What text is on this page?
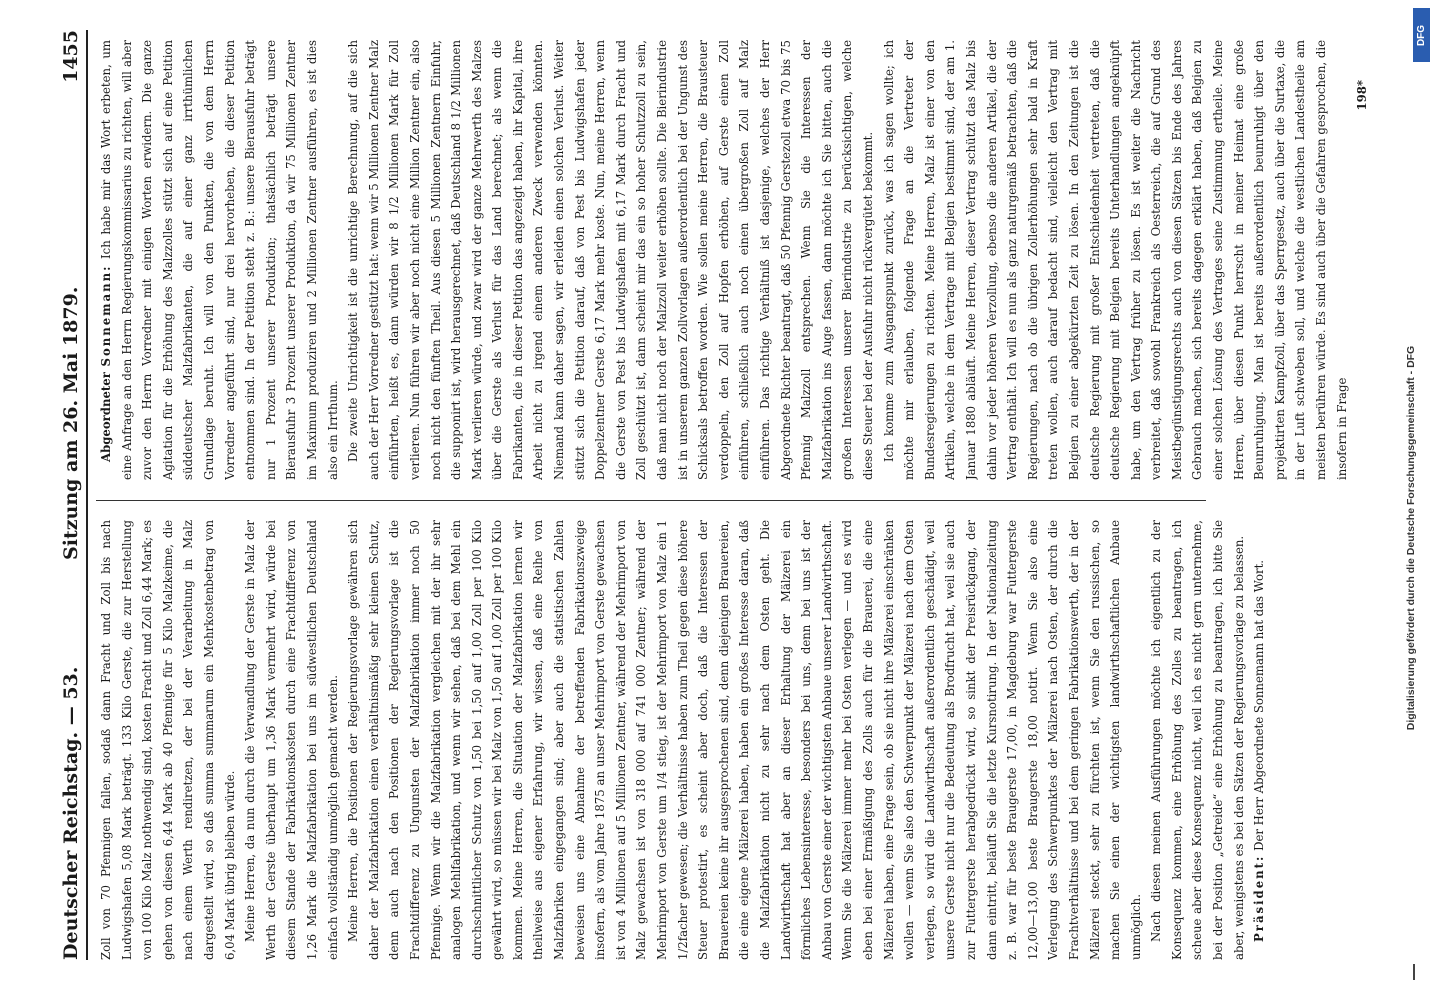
Deutscher Reichstag. — 53.
Sitzung am 26. Mai 1879.
1455

Zoll von 70 Pfennigen fallen, sodaß dann Fracht und Zoll bis nach Ludwigshafen 5,08 Mark beträgt. 133 Kilo Gerste, die zur Herstellung von 100 Kilo Malz nothwendig sind, kosten Fracht und Zoll 6,44 Mark; es gehen von diesen 6,44 Mark ab 40 Pfennige für 5 Kilo Malzkeime, die nach einem Werth rendiretzen, der bei der Verarbeitung in Malz dargestellt wird, so daß summa summarum ein Mehrkostenbetrag von 6,04 Mark übrig bleiben würde. Meine Herren, da nun durch die Verwandlung der Gerste in Malz der Werth der Gerste überhaupt um 1,36 Mark vermehrt wird, würde bei diesem Stande der Fabrikationskosten durch eine Frachtdifferenz von 1,26 Mark die Malzfabrikation bei uns im südwestlichen Deutschland einfach vollständig unmöglich gemacht werden. Meine Herren, die Positionen der Regierungsvorlage gewähren sich daher der Malzfabrikation einen verhältnismäßig sehr kleinen Schutz, denn auch nach den Positionen der Regierungsvorlage ist die Frachtdifferenz zu Ungunsten der Malzfabrikation immer noch 50 Pfennige. Wenn wir die Malzfabrikation vergleichen mit der ihr sehr analogen Mehlfabrikation, und wenn wir sehen, daß bei dem Mehl ein durchschnittlicher Schutz von 1,50 bei 1,50 auf 1,00 Zoll per 100 Kilo gewährt wird, so müssen wir bei Malz von 1,50 auf 1,00 Zoll per 100 Kilo kommen. Meine Herren, die Situation der Malzfabrikation lernen wir theilweise aus eigener Erfahrung, wir wissen, daß eine Reihe von Malzfabriken eingegangen sind; aber auch die statistischen Zahlen beweisen uns eine Abnahme der betreffenden Fabrikationszweige insofern, als vom Jahre 1875 an unser Mehrimport von Gerste gewachsen ist von 4 Millionen auf 5 Millionen Zentner, während der Mehrimport von Malz gewachsen ist von 318 000 auf 741 000 Zentner; während der Mehrimport von Gerste um 1/4 stieg, ist der Mehrimport von Malz ein 1 1/2facher gewesen; die Verhältnisse haben zum Theil gegen diese höhere Steuer protestirt, es scheint aber doch, daß die Interessen der Brauereien keine ihr ausgesprochenen sind, denn diejenigen Brauereien, die eine eigene Mälzerei haben, haben ein großes Interesse daran, daß die Malzfabrikation nicht zu sehr nach dem Osten geht. Die Landwirthschaft hat aber an dieser Erhaltung der Mälzerei ein förmliches Lebensinteresse, besonders bei uns, denn bei uns ist der Anbau von Gerste einer der wichtigsten Anbaue unserer Landwirthschaft. Wenn Sie die Mälzerei immer mehr bei Osten verlegen — und es wird eben bei einer Ermäßigung des Zolls auch für die Brauerei, die eine Mälzerei haben, eine Frage sein, ob sie nicht ihre Mälzerei einschränken wollen — wenn Sie also den Schwerpunkt der Mälzerei nach dem Osten verlegen, so wird die Landwirthschaft außerordentlich geschädigt, weil unsere Gerste nicht nur die Bedeutung als Brodfrucht hat, weil sie auch zur Futtergerste herabgedrückt wird, so sinkt der Preisrückgang, der dann eintritt, beläuft Sie die letzte Kursnotirung. In der Nationalzeitung z. B. war für beste Braugerste 17,00, in Magdeburg war Futtergerste 12,00—13,00 beste Braugerste 18,00 notirt. Wenn Sie also eine Verlegung des Schwerpunktes der Mälzerei nach Osten, der durch die Frachtverhältnisse und bei dem geringen Fabrikationswerth, der in der Mälzerei steckt, sehr zu fürchten ist, wenn Sie den russischen, so machen Sie einen der wichtigsten landwirthschaftlichen Anbaue unmöglich. Nach diesen meinen Ausführungen möchte ich eigentlich zu der Konsequenz kommen, eine Erhöhung des Zolles zu beantragen, ich scheue aber diese Konsequenz nicht, weil ich es nicht gern unternehme, bei der Position „Getreide“ eine Erhöhung zu beantragen, ich bitte Sie aber, wenigstens es bei den Sätzen der Regierungsvorlage zu belassen. Präsident: Der Herr Abgeordnete Sonnemann hat das Wort.

Abgeordneter Sonnemann: Ich habe mir das Wort erbeten, um eine Anfrage an den Herrn Regierungskommissarius zu richten, will aber zuvor den Herrn Vorredner mit einigen Worten erwidern. Die ganze Agitation für die Erhöhung des Malzzolles stützt sich auf eine Petition süddeutscher Malzfabrikanten, die auf einer ganz irrthümlichen Grundlage beruht. Ich will von den Punkten, die von dem Herrn Vorredner angeführt sind, nur drei hervorheben, die dieser Petition entnommen sind. In der Petition steht z. B.: unsere Bierausfuhr beträgt nur 1 Prozent unserer Produktion; thatsächlich beträgt unsere Bierausfuhr 3 Prozent unserer Produktion, da wir 75 Millionen Zentner im Maximum produziren und 2 Millionen Zentner ausführen, es ist dies also ein Irrthum. Die zweite Unrichtigkeit ist die unrichtige Berechnung, auf die sich auch der Herr Vorredner gestützt hat: wenn wir 5 Millionen Zentner Malz einführten, heißt es, dann würden wir 8 1/2 Millionen Mark für Zoll verlieren. Nun führen wir aber noch nicht eine Million Zentner ein, also noch nicht den fünften Theil. Aus diesen 5 Millionen Zentnern Einfuhr, die supponirt ist, wird herausgerechnet, daß Deutschland 8 1/2 Millionen Mark verlieren würde, und zwar wird der ganze Mehrwerth des Malzes über die Gerste als Verlust für das Land berechnet; als wenn die Fabrikanten, die in dieser Petition das angezeigt haben, ihr Kapital, ihre Arbeit nicht zu irgend einem anderen Zweck verwenden könnten. Niemand kann daher sagen, wir erleiden einen solchen Verlust. Weiter stützt sich die Petition darauf, daß von Pest bis Ludwigshafen jeder Doppelzentner Gerste 6,17 Mark mehr koste. Nun, meine Herren, wenn die Gerste von Pest bis Ludwigshafen mit 6,17 Mark durch Fracht und Zoll geschützt ist, dann scheint mir das ein so hoher Schutzzoll zu sein, daß man nicht noch der Malzzoll weiter erhöhen sollte. Die Bierindustrie ist in unserem ganzen Zollvorlagen außerordentlich bei der Ungunst des Schicksals betroffen worden. Wie sollen meine Herren, die Brausteuer verdoppeln, den Zoll auf Hopfen erhöhen, auf Gerste einen Zoll einführen, schließlich auch noch einen übergroßen Zoll auf Malz einführen. Das richtige Verhältniß ist dasjenige, welches der Herr Abgeordnete Richter beantragt, daß 50 Pfennig Gerstezoll etwa 70 bis 75 Pfennig Malzzoll entsprechen. Wenn Sie die Interessen der Malzfabrikation ins Auge fassen, dann möchte ich Sie bitten, auch die großen Interessen unserer Bierindustrie zu berücksichtigen, welche diese Steuer bei der Ausfuhr nicht rückvergütet bekommt. Ich komme zum Ausgangspunkt zurück, was ich sagen wollte; ich möchte mir erlauben, folgende Frage an die Vertreter der Bundesregierungen zu richten. Meine Herren, Malz ist einer von den Artikeln, welche in dem Vertrage mit Belgien bestimmt sind, der am 1. Januar 1880 abläuft. Meine Herren, dieser Vertrag schützt das Malz bis dahin vor jeder höheren Verzollung, ebenso die anderen Artikel, die der Vertrag enthält. Ich will es nun als ganz naturgemäß betrachten, daß die Regierungen, nach ob die übrigen Zollerhöhungen sehr bald in Kraft treten wollen, auch darauf bedacht sind, vielleicht den Vertrag mit Belgien zu einer abgekürzten Zeit zu lösen. In den Zeitungen ist die deutsche Regierung mit großer Entschiedenheit vertreten, daß die deutsche Regierung mit Belgien bereits Unterhandlungen angeknüpft habe, um den Vertrag früher zu lösen. Es ist weiter die Nachricht verbreitet, daß sowohl Frankreich als Oesterreich, die auf Grund des Meistbegünstigungsrechts auch von diesen Sätzen bis Ende des Jahres Gebrauch machen, sich bereits dagegen erklärt haben, daß Belgien zu einer solchen Lösung des Vertrages seine Zustimmung ertheile. Meine Herren, über diesen Punkt herrscht in meiner Heimat eine große Beunruhigung. Man ist bereits außerordentlich beunruhigt über den projektirten Kampfzoll, über das Sperrgesetz, auch über die Surtaxe, die in der Luft schweben soll, und welche die westlichen Landestheile am meisten berühren würde. Es sind auch über die Gefahren gesprochen, die insofern in Frage

198*
Digitalisierung gefördert durch die Deutsche Forschungsgemeinschaft - DFG
DFG
